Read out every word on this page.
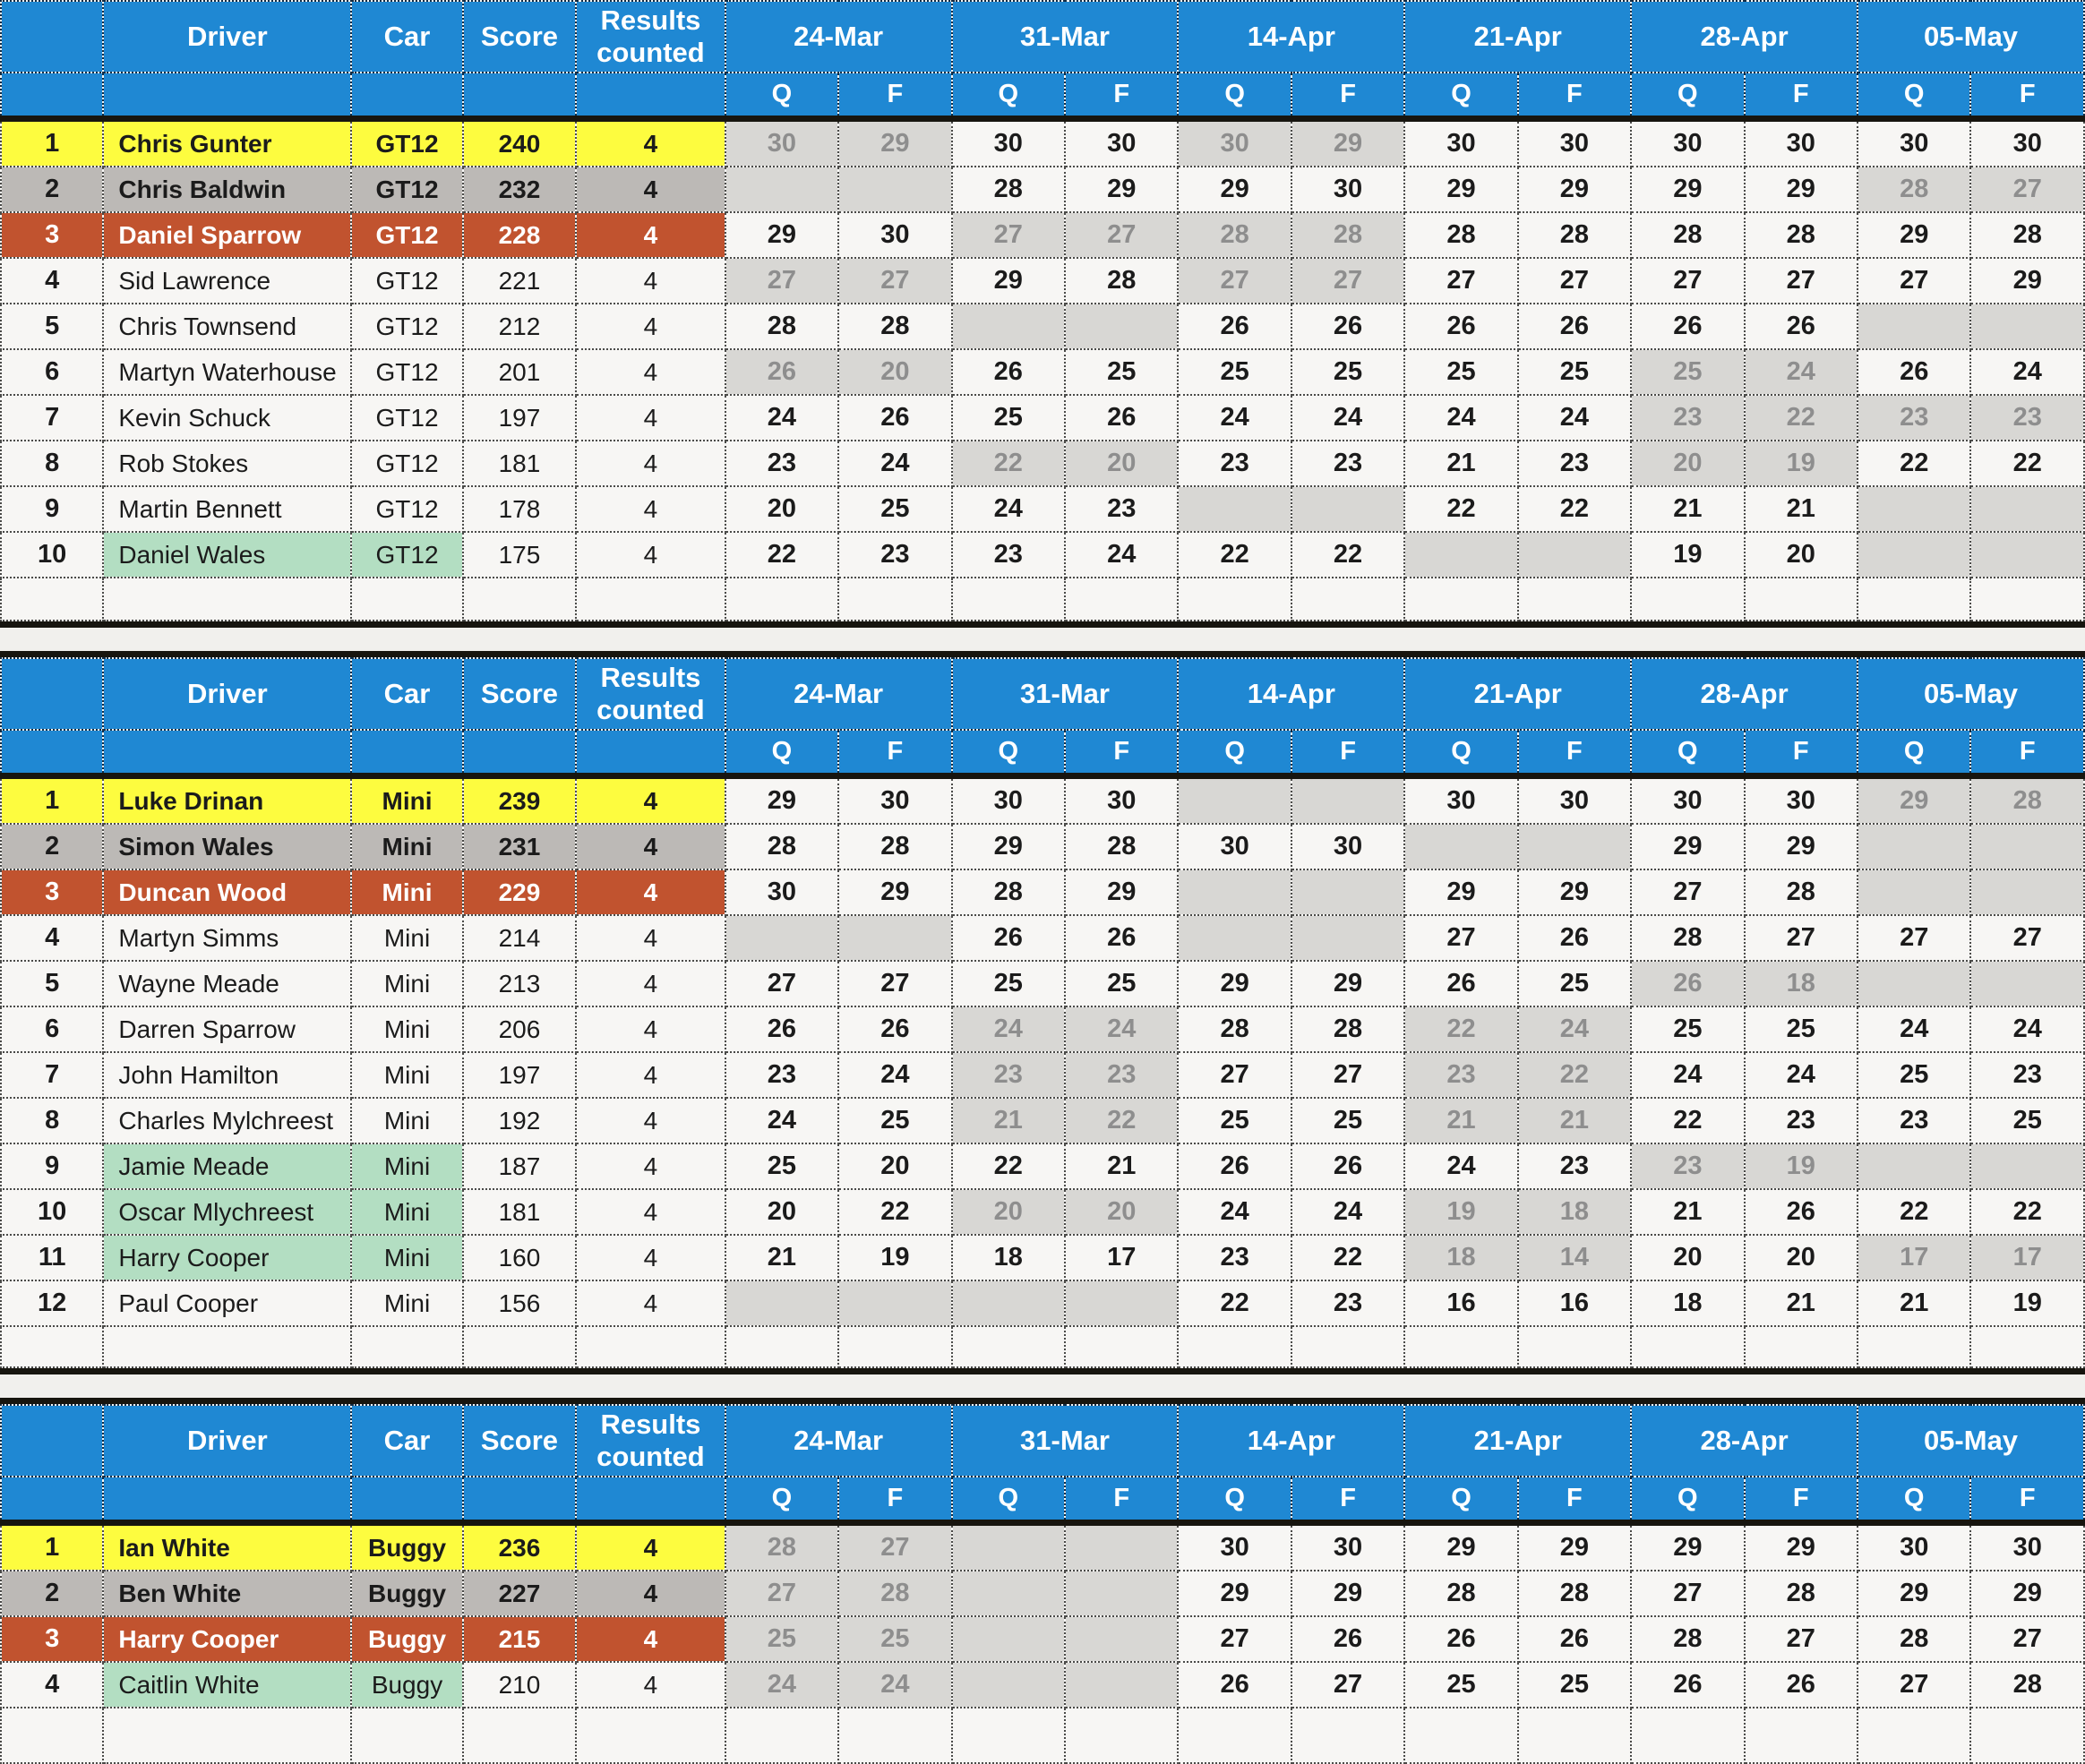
	Driver	Car	Score	Results counted	24-Mar		31-Mar		14-Apr		21-Apr		28-Apr		05-May	
					Q	F	Q	F	Q	F	Q	F	Q	F	Q	F
1	Chris Gunter	GT12	240	4	30	29	30	30	30	29	30	30	30	30	30	30
2	Chris Baldwin	GT12	232	4			28	29	29	30	29	29	29	29	28	27
3	Daniel Sparrow	GT12	228	4	29	30	27	27	28	28	28	28	28	28	29	28
4	Sid Lawrence	GT12	221	4	27	27	29	28	27	27	27	27	27	27	27	29
5	Chris Townsend	GT12	212	4	28	28			26	26	26	26	26	26		
6	Martyn Waterhouse	GT12	201	4	26	20	26	25	25	25	25	25	25	24	26	24
7	Kevin Schuck	GT12	197	4	24	26	25	26	24	24	24	24	23	22	23	23
8	Rob Stokes	GT12	181	4	23	24	22	20	23	23	21	23	20	19	22	22
9	Martin Bennett	GT12	178	4	20	25	24	23			22	22	21	21		
10	Daniel Wales	GT12	175	4	22	23	23	24	22	22			19	20		

	Driver	Car	Score	Results counted	24-Mar		31-Mar		14-Apr		21-Apr		28-Apr		05-May	
					Q	F	Q	F	Q	F	Q	F	Q	F	Q	F
1	Luke Drinan	Mini	239	4	29	30	30	30			30	30	30	30	29	28
2	Simon Wales	Mini	231	4	28	28	29	28	30	30			29	29		
3	Duncan Wood	Mini	229	4	30	29	28	29			29	29	27	28		
4	Martyn Simms	Mini	214	4			26	26			27	26	28	27	27	27
5	Wayne Meade	Mini	213	4	27	27	25	25	29	29	26	25	26	18		
6	Darren Sparrow	Mini	206	4	26	26	24	24	28	28	22	24	25	25	24	24
7	John Hamilton	Mini	197	4	23	24	23	23	27	27	23	22	24	24	25	23
8	Charles Mylchreest	Mini	192	4	24	25	21	22	25	25	21	21	22	23	23	25
9	Jamie Meade	Mini	187	4	25	20	22	21	26	26	24	23	23	19		
10	Oscar Mlychreest	Mini	181	4	20	22	20	20	24	24	19	18	21	26	22	22
11	Harry Cooper	Mini	160	4	21	19	18	17	23	22	18	14	20	20	17	17
12	Paul Cooper	Mini	156	4					22	23	16	16	18	21	21	19

	Driver	Car	Score	Results counted	24-Mar		31-Mar		14-Apr		21-Apr		28-Apr		05-May	
					Q	F	Q	F	Q	F	Q	F	Q	F	Q	F
1	Ian White	Buggy	236	4	28	27			30	30	29	29	29	29	30	30
2	Ben White	Buggy	227	4	27	28			29	29	28	28	27	28	29	29
3	Harry Cooper	Buggy	215	4	25	25			27	26	26	26	28	27	28	27
4	Caitlin White	Buggy	210	4	24	24			26	27	25	25	26	26	27	28
